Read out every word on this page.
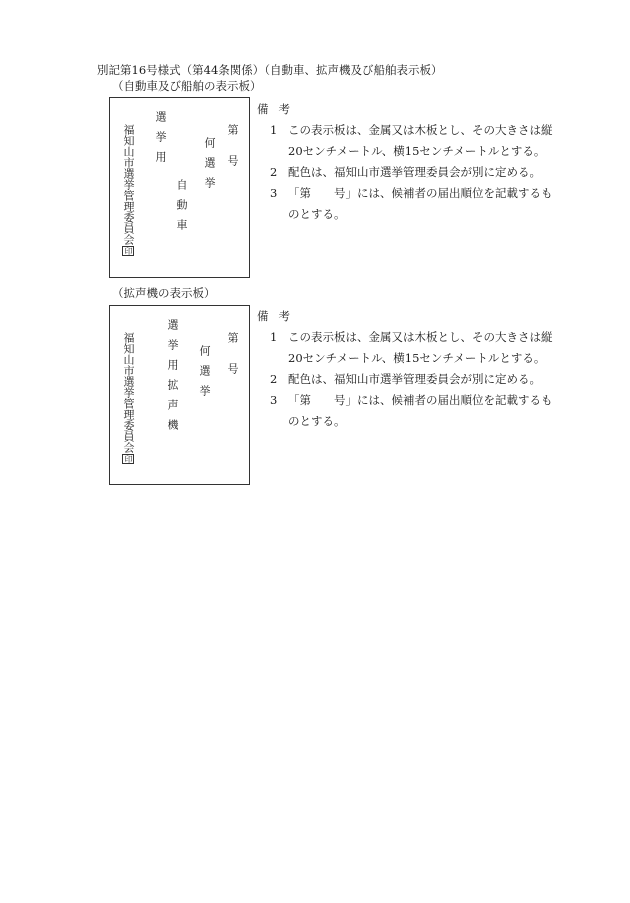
別記第16号様式（第44条関係）（自動車、拡声機及び船舶表示板）
（自動車及び船舶の表示板）
福知山市選挙管理委員会印
選挙用
自動車
何選挙 第号
備考
1 この表示板は、金属又は木板とし、その大きさは縦20センチメートル、横15センチメートルとする。
2 配色は、福知山市選挙管理委員会が別に定める。
3 「第　　号」には、候補者の届出順位を記載するものとする。
（拡声機の表示板）
福知山市選挙管理委員会印
選挙用拡声機 何選挙 第号
備考
1 この表示板は、金属又は木板とし、その大きさは縦20センチメートル、横15センチメートルとする。
2 配色は、福知山市選挙管理委員会が別に定める。
3 「第　　号」には、候補者の届出順位を記載するものとする。
